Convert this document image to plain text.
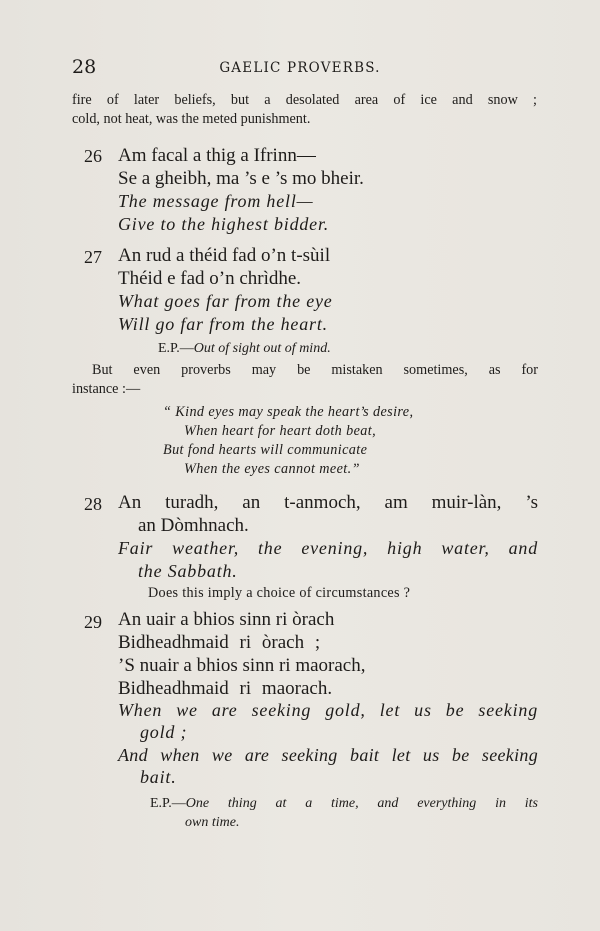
28	GAELIC PROVERBS.
fire of later beliefs, but a desolated area of ice and snow ;
cold, not heat, was the meted punishment.
26 Am facal a thig a Ifrinn—
Se a gheibh, ma ’s e ’s mo bheir.
The message from hell—
Give to the highest bidder.
27 An rud a théid fad o’n t-sùil
Théid e fad o’n chrìdhe.
What goes far from the eye
Will go far from the heart.
E.P.—Out of sight out of mind.
But even proverbs may be mistaken sometimes, as for
instance :—
“ Kind eyes may speak the heart’s desire,
When heart for heart doth beat,
But fond hearts will communicate
When the eyes cannot meet.”
28 An turadh, an t-anmoch, am muir-làn, ’s
an Dòmhnach.
Fair weather, the evening, high water, and
the Sabbath.
Does this imply a choice of circumstances ?
29 An uair a bhios sinn ri òrach
Bidheadhmaid ri òrach ;
’S nuair a bhios sinn ri maorach,
Bidheadhmaid ri maorach.
When we are seeking gold, let us be seeking
gold ;
And when we are seeking bait let us be seeking
bait.
E.P.—One thing at a time, and everything in its
own time.
